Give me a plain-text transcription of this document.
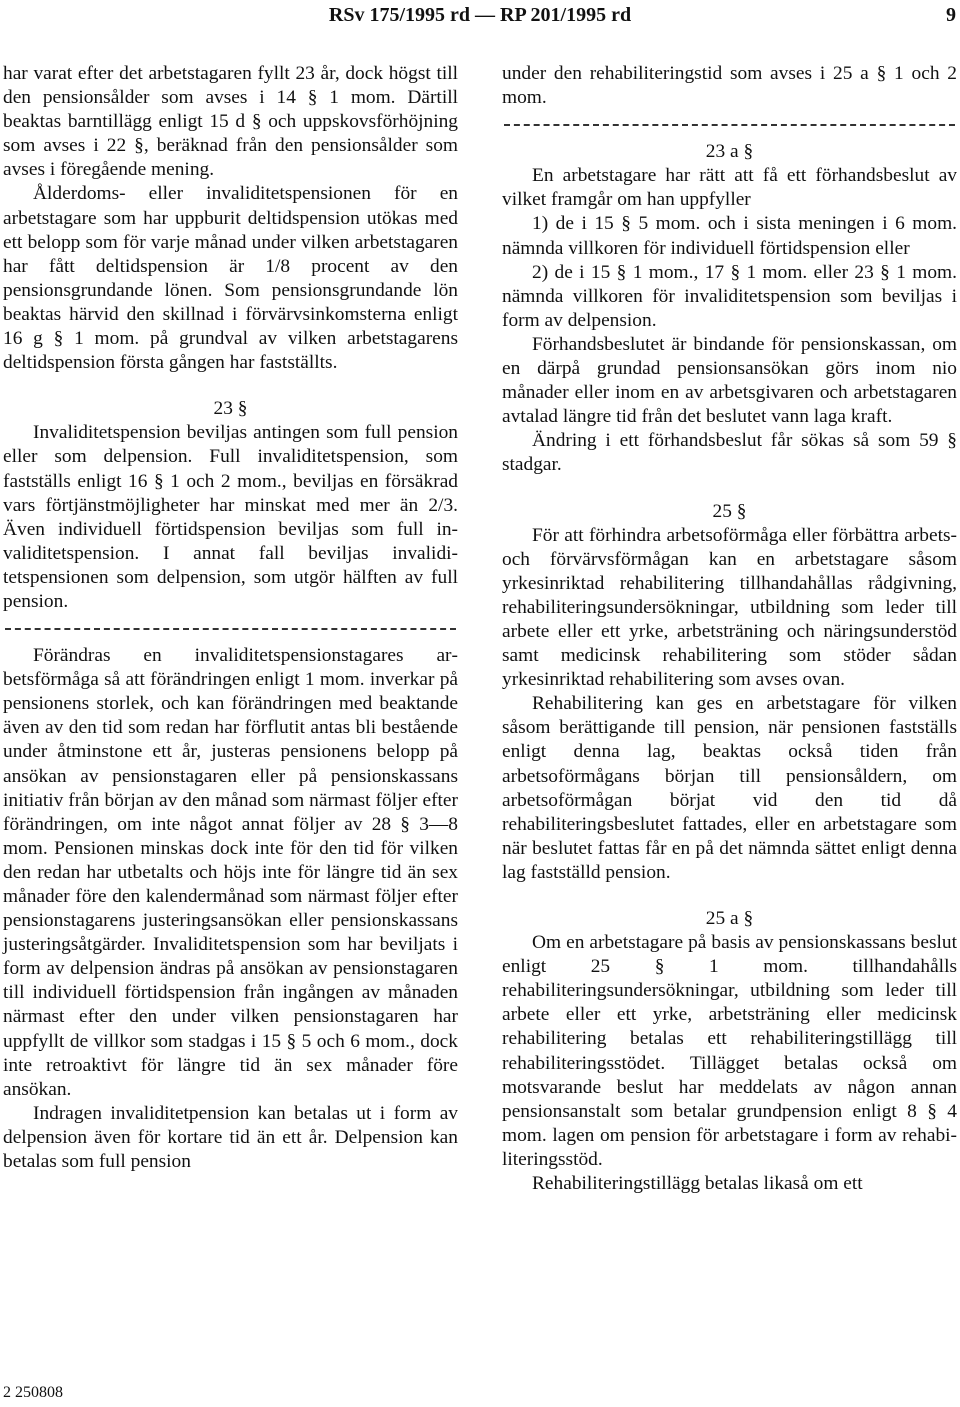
RSv 175/1995 rd — RP 201/1995 rd	9

har varat efter det arbetstagaren fyllt 23 år, dock högst till den pensionsålder som avses i 14 § 1 mom. Därtill beaktas barntillägg enligt 15 d § och uppskovsförhöjning som avses i 22 §, beräknad från den pensionsålder som avses i föregående mening.

Ålderdoms- eller invaliditetspensionen för en arbetstagare som har uppburit deltidspension utökas med ett belopp som för varje månad under vilken arbetstagaren har fått deltidspension är 1/8 procent av den pensionsgrundande lönen. Som pensionsgrundande lön beaktas härvid den skillnad i förvärvsinkomsterna enligt 16 g § 1 mom. på grundval av vilken arbetstagarens deltidspension första gången har fastställts.

23 §

Invaliditetspension beviljas antingen som full pension eller som delpension. Full invaliditetspension, som fastställs enligt 16 § 1 och 2 mom., beviljas en försäkrad vars förtjänstmöjligheter har minskat med mer än 2/3. Även individuell förtidspension beviljas som full invaliditetspension. I annat fall beviljas invaliditetspensionen som delpension, som utgör hälften av full pension.

Förändras en invaliditetspensionstagares arbetsförmåga så att förändringen enligt 1 mom. inverkar på pensionens storlek, och kan förändringen med beaktande även av den tid som redan har förflutit antas bli bestående under åtminstone ett år, justeras pensionens belopp på ansökan av pensionstagaren eller på pensionskassans initiativ från början av den månad som närmast följer efter förändringen, om inte något annat följer av 28 § 3—8 mom. Pensionen minskas dock inte för den tid för vilken den redan har utbetalts och höjs inte för längre tid än sex månader före den kalendermånad som närmast följer efter pensionstagarens justeringsansökan eller pensionskassans justeringsåtgärder. Invaliditetspension som har beviljats i form av delpension ändras på ansökan av pensionstagaren till individuell förtidspension från ingången av månaden närmast efter den under vilken pensionstagaren har uppfyllt de villkor som stadgas i 15 § 5 och 6 mom., dock inte retroaktivt för längre tid än sex månader före ansökan.

Indragen invaliditetpension kan betalas ut i form av delpension även för kortare tid än ett år. Delpension kan betalas som full pension

under den rehabiliteringstid som avses i 25 a § 1 och 2 mom.

23 a §

En arbetstagare har rätt att få ett förhandsbeslut av vilket framgår om han uppfyller

1) de i 15 § 5 mom. och i sista meningen i 6 mom. nämnda villkoren för individuell förtidspension eller

2) de i 15 § 1 mom., 17 § 1 mom. eller 23 § 1 mom. nämnda villkoren för invaliditetspension som beviljas i form av delpension.

Förhandsbeslutet är bindande för pensionskassan, om en därpå grundad pensionsansökan görs inom nio månader eller inom en av arbetsgivaren och arbetstagaren avtalad längre tid från det beslutet vann laga kraft.

Ändring i ett förhandsbeslut får sökas så som 59 § stadgar.

25 §

För att förhindra arbetsoförmåga eller förbättra arbets- och förvärvsförmågan kan en arbetstagare såsom yrkesinriktad rehabilitering tillhandahållas rådgivning, rehabiliteringsundersökningar, utbildning som leder till arbete eller ett yrke, arbetsträning och näringsunderstöd samt medicinsk rehabilitering som stöder sådan yrkesinriktad rehabilitering som avses ovan.

Rehabilitering kan ges en arbetstagare för vilken såsom berättigande till pension, när pensionen fastställs enligt denna lag, beaktas också tiden från arbetsoförmågans början till pensionsåldern, om arbetsoförmågan börjat vid den tid då rehabiliteringsbeslutet fattades, eller en arbetstagare som när beslutet fattas får en på det nämnda sättet enligt denna lag fastställd pension.

25 a §

Om en arbetstagare på basis av pensionskassans beslut enligt 25 § 1 mom. tillhandahålls rehabiliteringsundersökningar, utbildning som leder till arbete eller ett yrke, arbetsträning eller medicinsk rehabilitering betalas ett rehabiliteringstillägg till rehabiliteringsstödet. Tillägget betalas också om motsvarande beslut har meddelats av någon annan pensionsanstalt som betalar grundpension enligt 8 § 4 mom. lagen om pension för arbetstagare i form av rehabiliteringsstöd.

Rehabiliteringstillägg betalas likaså om ett

2 250808
